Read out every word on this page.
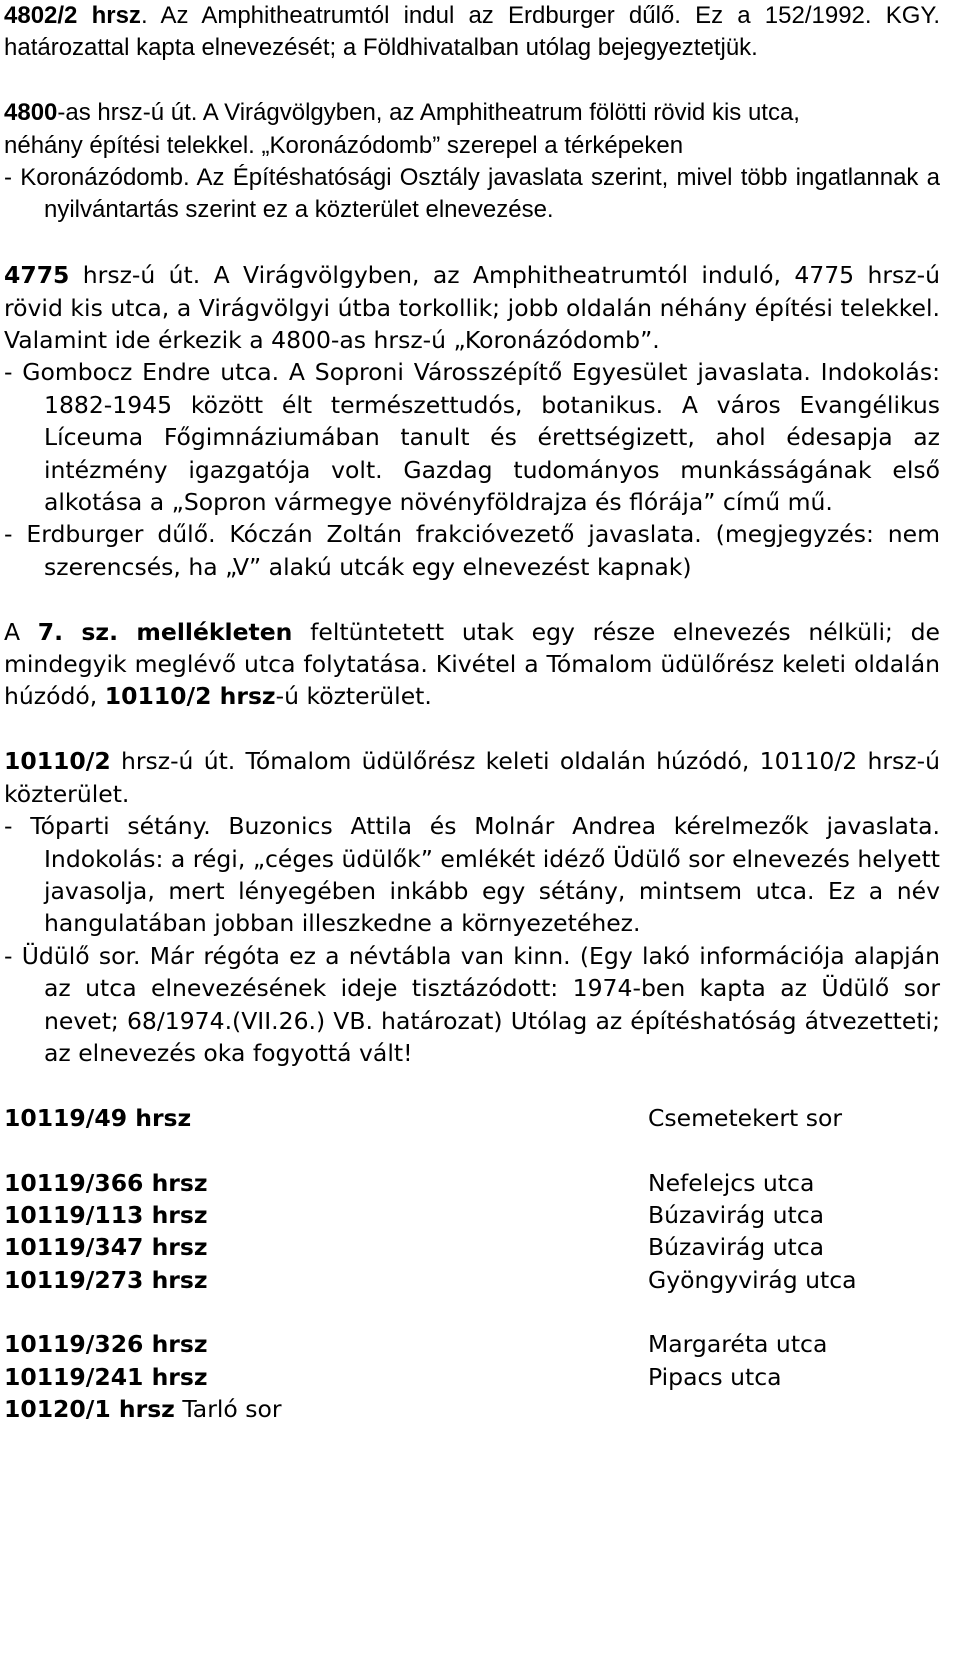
4802/2 hrsz. Az Amphitheatrumtól indul az Erdburger dűlő. Ez a 152/1992. KGY. határozattal kapta elnevezését; a Földhivatalban utólag bejegyeztetjük.

4800-as hrsz-ú út. A Virágvölgyben, az Amphitheatrum fölötti rövid kis utca,

néhány építési telekkel. „Koronázódomb” szerepel a térképeken

- Koronázódomb. Az Építéshatósági Osztály javaslata szerint, mivel több ingatlannak a nyilvántartás szerint ez a közterület elnevezése.

4775 hrsz-ú út. A Virágvölgyben, az Amphitheatrumtól induló, 4775 hrsz-ú rövid kis utca, a Virágvölgyi útba torkollik; jobb oldalán néhány építési telekkel. Valamint ide érkezik a 4800-as hrsz-ú „Koronázódomb”.

- Gombocz Endre utca. A Soproni Városszépítő Egyesület javaslata. Indokolás: 1882-1945 között élt természettudós, botanikus. A város Evangélikus Líceuma Főgimnáziumában tanult és érettségizett, ahol édesapja az intézmény igazgatója volt. Gazdag tudományos munkásságának első alkotása a „Sopron vármegye növényföldrajza és flórája” című mű.

- Erdburger dűlő. Kóczán Zoltán frakcióvezető javaslata. (megjegyzés: nem szerencsés, ha „V” alakú utcák egy elnevezést kapnak)

A 7. sz. mellékleten feltüntetett utak egy része elnevezés nélküli; de mindegyik meglévő utca folytatása. Kivétel a Tómalom üdülőrész keleti oldalán húzódó, 10110/2 hrsz-ú közterület.

10110/2 hrsz-ú út. Tómalom üdülőrész keleti oldalán húzódó, 10110/2 hrsz-ú közterület.

- Tóparti sétány. Buzonics Attila és Molnár Andrea kérelmezők javaslata. Indokolás: a régi, „céges üdülők” emlékét idéző Üdülő sor elnevezés helyett javasolja, mert lényegében inkább egy sétány, mintsem utca. Ez a név hangulatában jobban illeszkedne a környezetéhez.

- Üdülő sor. Már régóta ez a névtábla van kinn. (Egy lakó információja alapján az utca elnevezésének ideje tisztázódott: 1974-ben kapta az Üdülő sor nevet; 68/1974.(VII.26.) VB. határozat) Utólag az építéshatóság átvezetteti; az elnevezés oka fogyottá vált!

10119/49 hrsz	Csemetekert sor
10119/366 hrsz	Nefelejcs utca
10119/113 hrsz	Búzavirág utca
10119/347 hrsz	Búzavirág utca
10119/273 hrsz	Gyöngyvirág utca
10119/326 hrsz	Margaréta utca
10119/241 hrsz	Pipacs utca
10120/1 hrsz Tarló sor
